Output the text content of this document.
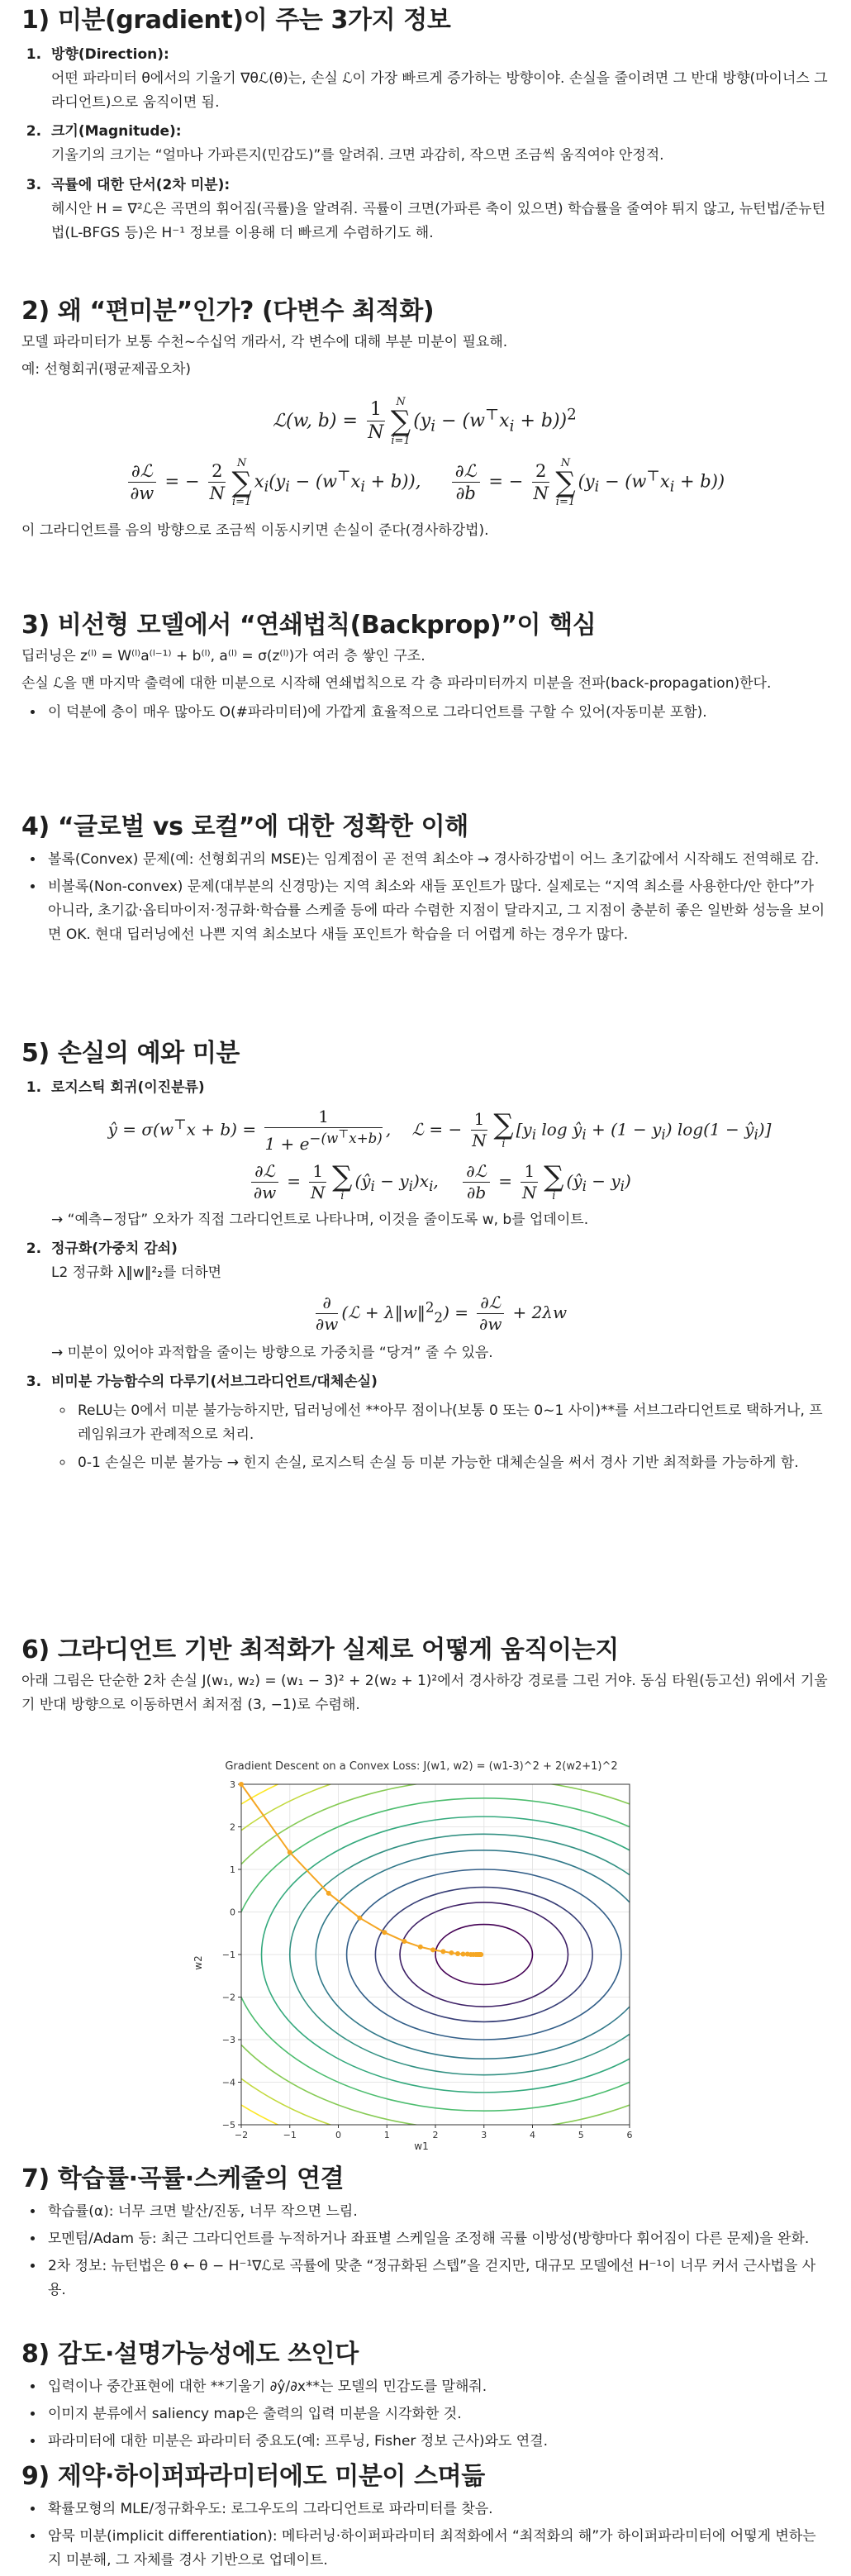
1) 미분(gradient)이 주는 3가지 정보
1. 방향(Direction):
어떤 파라미터 θ에서의 기울기 ∇θℒ(θ)는, 손실 ℒ이 가장 빠르게 증가하는 방향이야. 손실을 줄이려면 그 반대 방향(마이너스 그라디언트)으로 움직이면 됨.
2. 크기(Magnitude):
기울기의 크기는 “얼마나 가파른지(민감도)”를 알려줘. 크면 과감히, 작으면 조금씩 움직여야 안정적.
3. 곡률에 대한 단서(2차 미분):
헤시안 H = ∇²ℒ은 곡면의 휘어짐(곡률)을 알려줘. 곡률이 크면(가파른 축이 있으면) 학습률을 줄여야 튀지 않고, 뉴턴법/준뉴턴법(L-BFGS 등)은 H⁻¹ 정보를 이용해 더 빠르게 수렴하기도 해.
2) 왜 “편미분”인가? (다변수 최적화)
모델 파라미터가 보통 수천~수십억 개라서, 각 변수에 대해 부분 미분이 필요해.
예: 선형회귀(평균제곱오차)
ℒ(w, $b) = \frac{1}{N}$ N
∑
i=1
$(y_i - (w^⊤x_i + b))^2$
$\frac{\text{∂ℒ}}{\partial w}$ = − $\frac{2}{N}$ N
∑
i=1
$x_i(y_i - (w^⊤x_i + b))$, $\frac{\text{∂ℒ}}{\partial b}$ = − $\frac{2}{N}$ N
∑
i=1
$(y_i - (w^⊤x_i + b))$
이 그라디언트를 음의 방향으로 조금씩 이동시키면 손실이 준다(경사하강법).
3) 비선형 모델에서 “연쇄법칙(Backprop)”이 핵심
딥러닝은 z⁽ˡ⁾ = W⁽ˡ⁾a⁽ˡ⁻¹⁾ + b⁽ˡ⁾, a⁽ˡ⁾ = σ(z⁽ˡ⁾)가 여러 층 쌓인 구조.
손실 ℒ을 맨 마지막 출력에 대한 미분으로 시작해 연쇄법칙으로 각 층 파라미터까지 미분을 전파(back-propagation)한다.
• 이 덕분에 층이 매우 많아도 O(#파라미터)에 가깝게 효율적으로 그라디언트를 구할 수 있어(자동미분 포함).
4) “글로벌 vs 로컬”에 대한 정확한 이해
• 볼록(Convex) 문제(예: 선형회귀의 MSE)는 임계점이 곧 전역 최소야 → 경사하강법이 어느 초기값에서 시작해도 전역해로 감.
• 비볼록(Non-convex) 문제(대부분의 신경망)는 지역 최소와 새들 포인트가 많다. 실제로는 “지역 최소를 사용한다/안 한다”가 아니라, 초기값·옵티마이저·정규화·학습률 스케줄 등에 따라 수렴한 지점이 달라지고, 그 지점이 충분히 좋은 일반화 성능을 보이면 OK. 현대 딥러닝에선 나쁜 지역 최소보다 새들 포인트가 학습을 더 어렵게 하는 경우가 많다.
5) 손실의 예와 미분
1. 로지스틱 회귀(이진분류)
ŷ = $\sigma(w^⊤x + b) = \frac{1}{1 + e^{-(w^⊤x+b)}}$ ,    ℒ = − $\frac{1}{N}$ ∑
i
[$y_i$ $\log ŷ_i + (1 - y_i) \log(1$ − $ŷ_i$)]
$\frac{\text{∂ℒ}}{\partial w} = \frac{1}{N}$ ∑
i
$(ŷ_i - y_i)x_i$, $\frac{\text{∂ℒ}}{\partial b} = \frac{1}{N}$ ∑
i
$(ŷ_i - y_i)$
→ “예측−정답” 오차가 직접 그라디언트로 나타나며, 이것을 줄이도록 w, b를 업데이트.
2. 정규화(가중치 감쇠)
L2 정규화 λ‖w‖²₂를 더하면
$\frac{\partial}{\partial w}$ (ℒ + λ‖w‖$^2_2$) = $\frac{\text{∂ℒ}}{\partial w} + 2\lambda w$
→ 미분이 있어야 과적합을 줄이는 방향으로 가중치를 “당겨” 줄 수 있음.
3. 비미분 가능함수의 다루기(서브그라디언트/대체손실)
◦ ReLU는 0에서 미분 불가능하지만, 딥러닝에선 **아무 점이나(보통 0 또는 0~1 사이)**를 서브그라디언트로 택하거나, 프레임워크가 관례적으로 처리.
◦ 0-1 손실은 미분 불가능 → 힌지 손실, 로지스틱 손실 등 미분 가능한 대체손실을 써서 경사 기반 최적화를 가능하게 함.
6) 그라디언트 기반 최적화가 실제로 어떻게 움직이는지
아래 그림은 단순한 2차 손실 J(w₁, w₂) = (w₁ − 3)² + 2(w₂ + 1)²에서 경사하강 경로를 그린 거야. 동심 타원(등고선) 위에서 기울기 반대 방향으로 이동하면서 최저점 (3, −1)로 수렴해.
Gradient Descent on a Convex Loss: J(w1, w2) = (w1-3)^2 + 2(w2+1)^2
−2	−1	0	1	2	3	4	5	6
−5
−4
−3
−2
−1
0
1
2
3
w1
w2
7) 학습률·곡률·스케줄의 연결
• 학습률(α): 너무 크면 발산/진동, 너무 작으면 느림.
• 모멘텀/Adam 등: 최근 그라디언트를 누적하거나 좌표별 스케일을 조정해 곡률 이방성(방향마다 휘어짐이 다른 문제)을 완화.
• 2차 정보: 뉴턴법은 θ ← θ − H⁻¹∇ℒ로 곡률에 맞춘 “정규화된 스텝”을 걷지만, 대규모 모델에선 H⁻¹이 너무 커서 근사법을 사용.
8) 감도·설명가능성에도 쓰인다
• 입력이나 중간표현에 대한 **기울기 ∂ŷ/∂x**는 모델의 민감도를 말해줘.
• 이미지 분류에서 saliency map은 출력의 입력 미분을 시각화한 것.
• 파라미터에 대한 미분은 파라미터 중요도(예: 프루닝, Fisher 정보 근사)와도 연결.
9) 제약·하이퍼파라미터에도 미분이 스며듦
• 확률모형의 MLE/정규화우도: 로그우도의 그라디언트로 파라미터를 찾음.
• 암묵 미분(implicit differentiation): 메타러닝·하이퍼파라미터 최적화에서 “최적화의 해”가 하이퍼파라미터에 어떻게 변하는지 미분해, 그 자체를 경사 기반으로 업데이트.
